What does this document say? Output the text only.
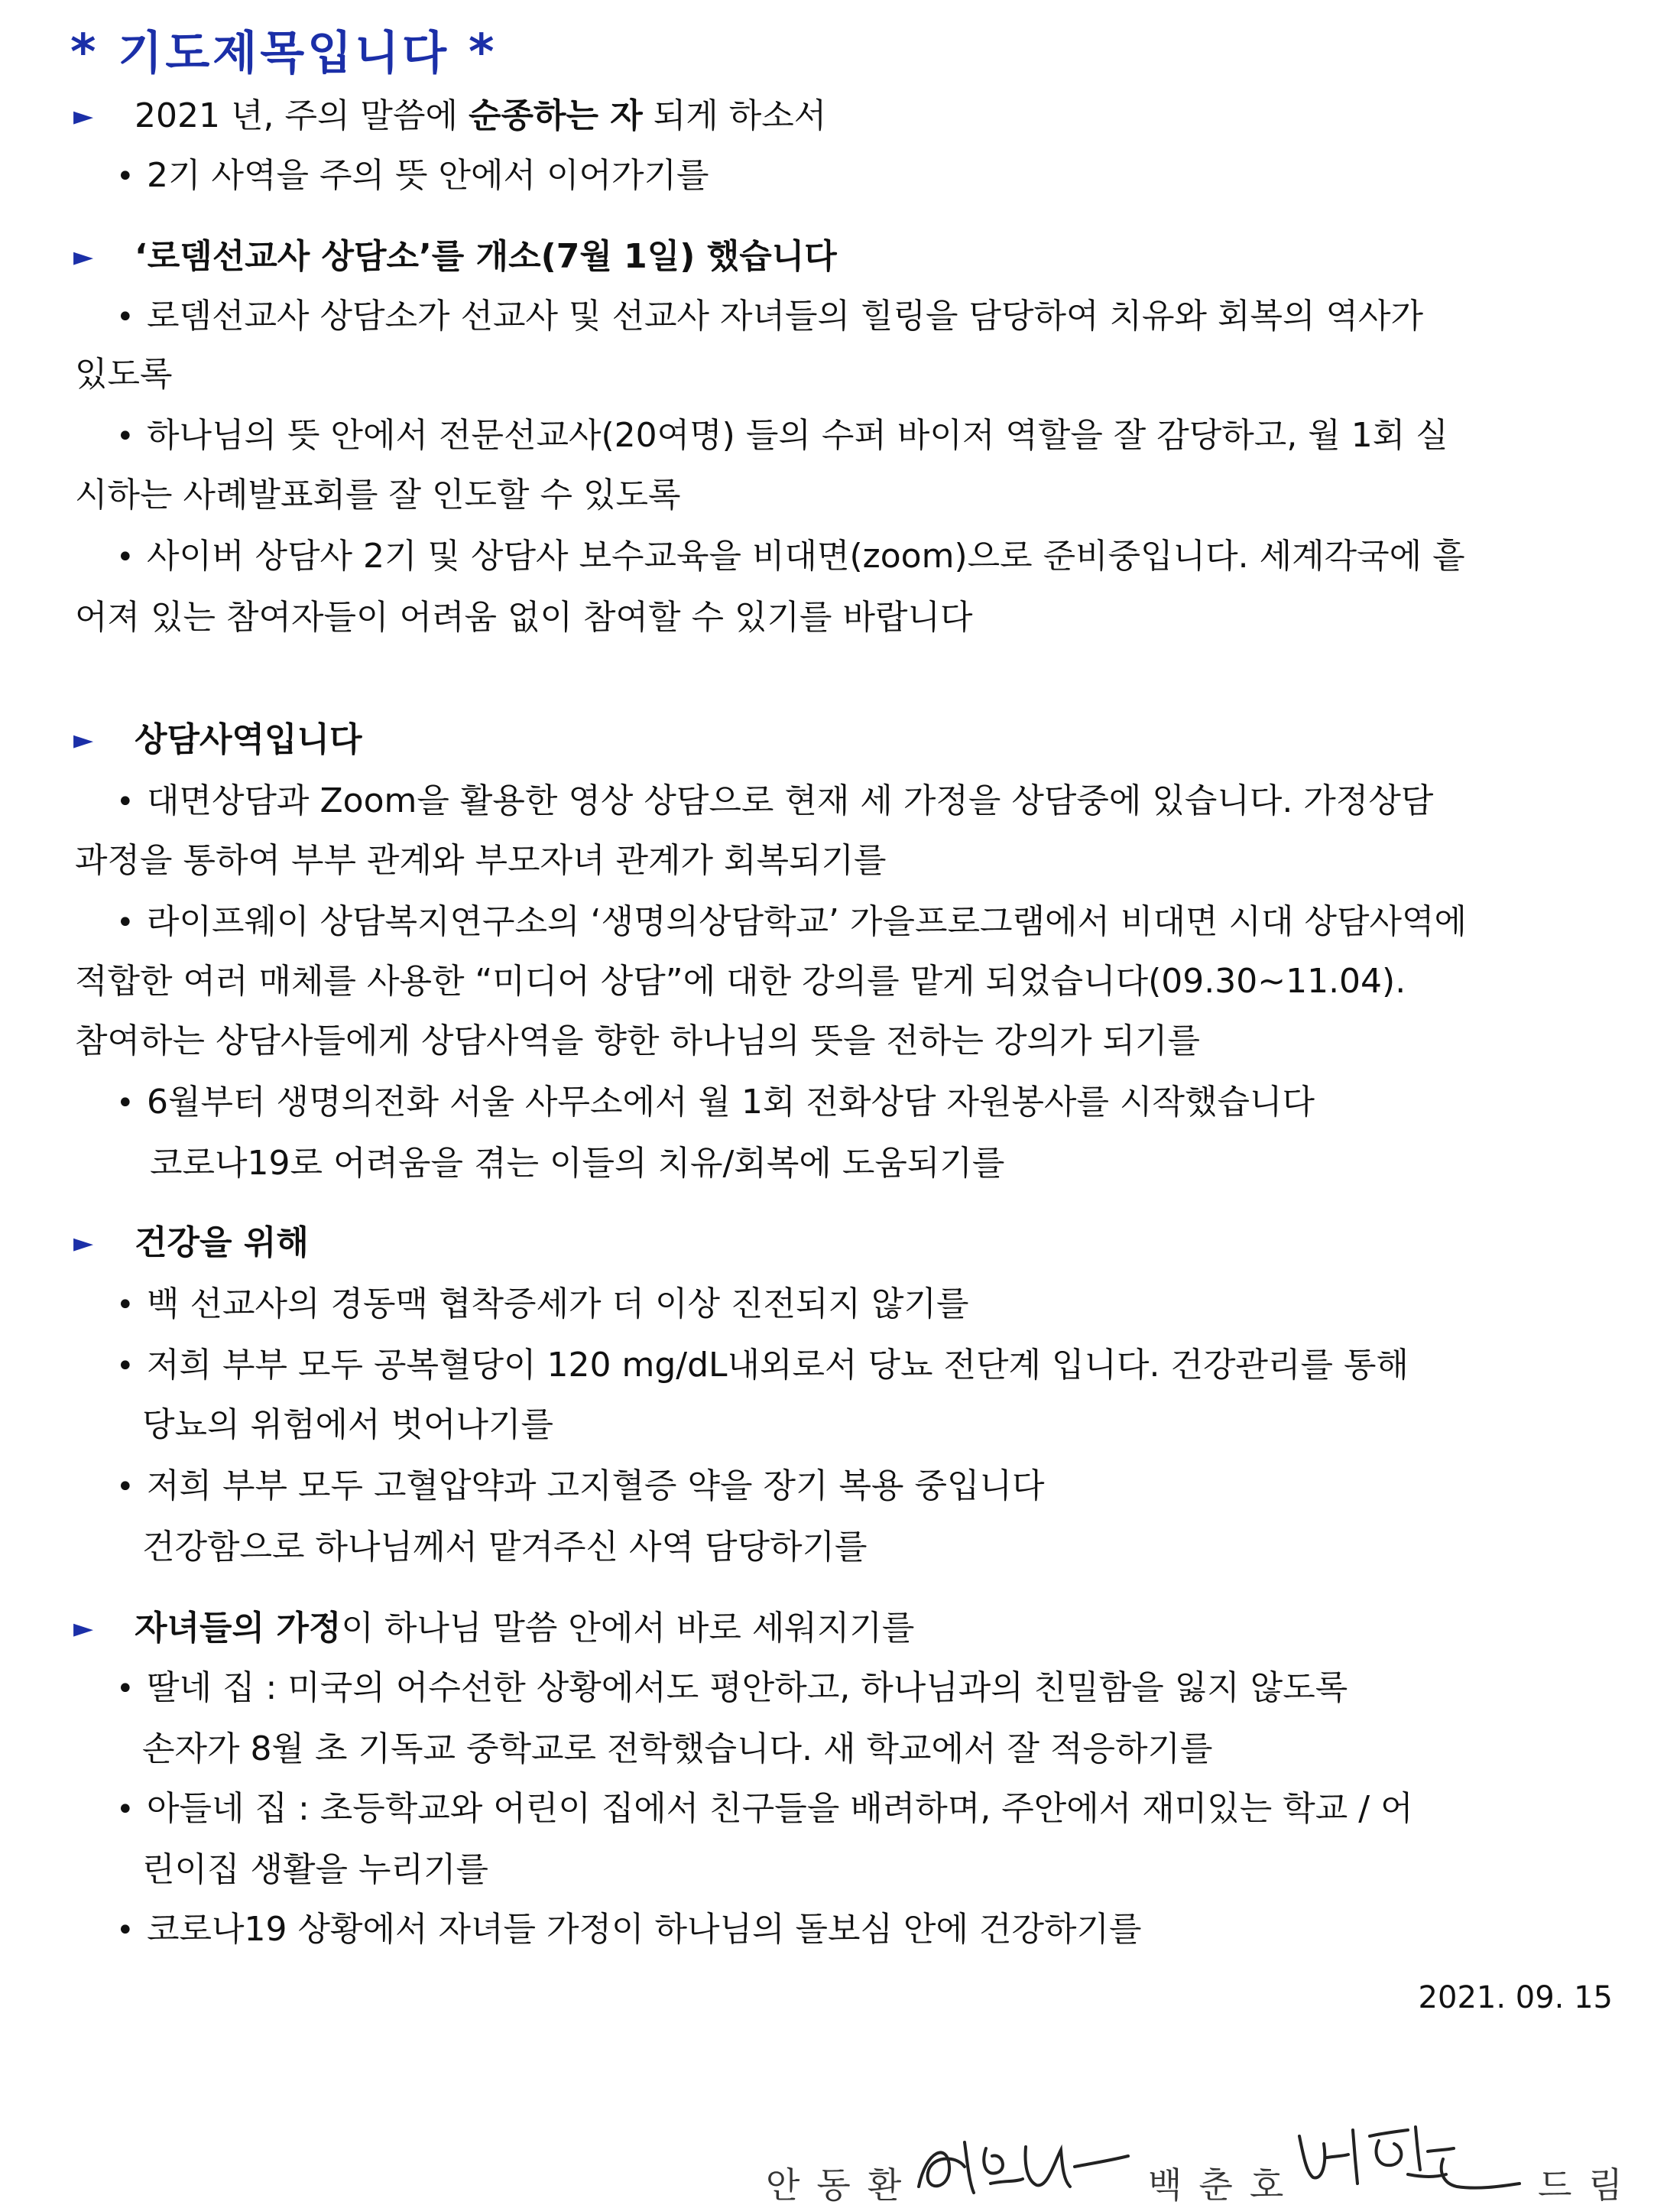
* 기도제목입니다 *
► 2021 년, 주의 말씀에 순종하는 자 되게 하소서
• 2기 사역을 주의 뜻 안에서 이어가기를
► ‘로뎀선교사 상담소’를 개소(7월 1일) 했습니다
• 로뎀선교사 상담소가 선교사 및 선교사 자녀들의 힐링을 담당하여 치유와 회복의 역사가
있도록
• 하나님의 뜻 안에서 전문선교사(20여명) 들의 수퍼 바이저 역할을 잘 감당하고, 월 1회 실
시하는 사례발표회를 잘 인도할 수 있도록
• 사이버 상담사 2기 및 상담사 보수교육을 비대면(zoom)으로 준비중입니다. 세계각국에 흩
어져 있는 참여자들이 어려움 없이 참여할 수 있기를 바랍니다
► 상담사역입니다
• 대면상담과 Zoom을 활용한 영상 상담으로 현재 세 가정을 상담중에 있습니다. 가정상담
과정을 통하여 부부 관계와 부모자녀 관계가 회복되기를
• 라이프웨이 상담복지연구소의 ‘생명의상담학교’ 가을프로그램에서 비대면 시대 상담사역에
적합한 여러 매체를 사용한 “미디어 상담”에 대한 강의를 맡게 되었습니다(09.30~11.04).
참여하는 상담사들에게 상담사역을 향한 하나님의 뜻을 전하는 강의가 되기를
• 6월부터 생명의전화 서울 사무소에서 월 1회 전화상담 자원봉사를 시작했습니다
코로나19로 어려움을 겪는 이들의 치유/회복에 도움되기를
► 건강을 위해
• 백 선교사의 경동맥 협착증세가 더 이상 진전되지 않기를
• 저희 부부 모두 공복혈당이 120 mg/dL내외로서 당뇨 전단계 입니다. 건강관리를 통해
당뇨의 위험에서 벗어나기를
• 저희 부부 모두 고혈압약과 고지혈증 약을 장기 복용 중입니다
건강함으로 하나님께서 맡겨주신 사역 담당하기를
► 자녀들의 가정이 하나님 말씀 안에서 바로 세워지기를
• 딸네 집 : 미국의 어수선한 상황에서도 평안하고, 하나님과의 친밀함을 잃지 않도록
손자가 8월 초 기독교 중학교로 전학했습니다. 새 학교에서 잘 적응하기를
• 아들네 집 : 초등학교와 어린이 집에서 친구들을 배려하며, 주안에서 재미있는 학교 / 어
린이집 생활을 누리기를
• 코로나19 상황에서 자녀들 가정이 하나님의 돌보심 안에 건강하기를
2021. 09. 15
안동환	백춘호	드림
